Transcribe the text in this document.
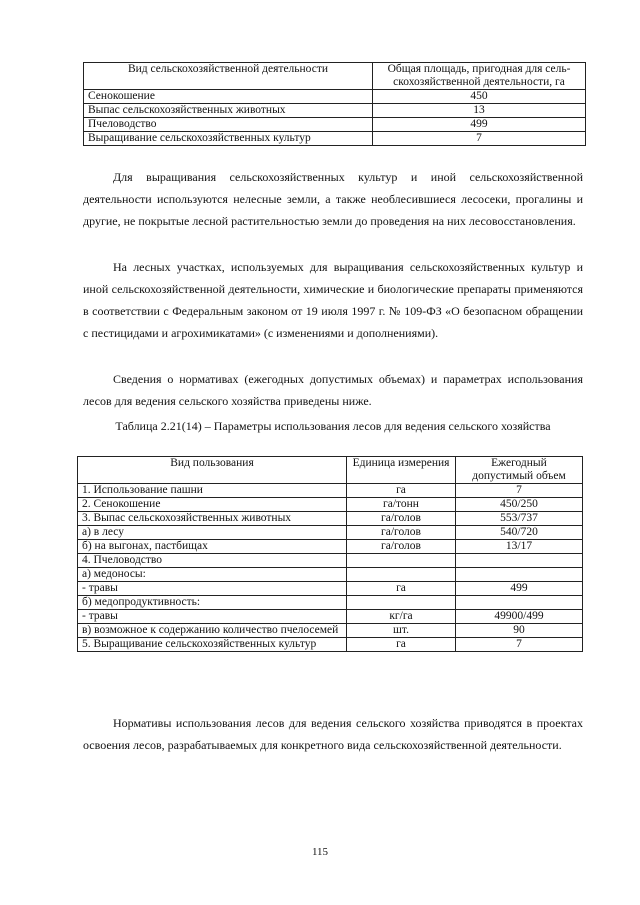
Вид сельскохозяйственной деятельности	Общая площадь, пригодная для сель-скохозяйственной деятельности, га
Сенокошение	450
Выпас сельскохозяйственных животных	13
Пчеловодство	499
Выращивание сельскохозяйственных культур	7

Для выращивания сельскохозяйственных культур и иной сельскохозяйственной деятельности используются нелесные земли, а также необлесившиеся лесосеки, прогалины и другие, не покрытые лесной растительностью земли до проведения на них лесовосстановления.

На лесных участках, используемых для выращивания сельскохозяйственных культур и иной сельскохозяйственной деятельности, химические и биологические препараты применяются в соответствии с Федеральным законом от 19 июля 1997 г. № 109-ФЗ «О безопасном обращении с пестицидами и агрохимикатами» (с изменениями и дополнениями).

Сведения о нормативах (ежегодных допустимых объемах) и параметрах использования лесов для ведения сельского хозяйства приведены ниже.

Таблица 2.21(14) – Параметры использования лесов для ведения сельского хозяйства
Вид пользования	Единица измерения	Ежегодный допустимый объем
1. Использование пашни	га	7
2. Сенокошение	га/тонн	450/250
3. Выпас сельскохозяйственных животных	га/голов	553/737
а) в лесу	га/голов	540/720
б) на выгонах, пастбищах	га/голов	13/17
4. Пчеловодство		
а) медоносы:		
- травы	га	499
б) медопродуктивность:		
- травы	кг/га	49900/499
в) возможное к содержанию количество пчелосемей	шт.	90
5. Выращивание сельскохозяйственных культур	га	7

Нормативы использования лесов для ведения сельского хозяйства приводятся в проектах освоения лесов, разрабатываемых для конкретного вида сельскохозяйственной деятельности.

115
